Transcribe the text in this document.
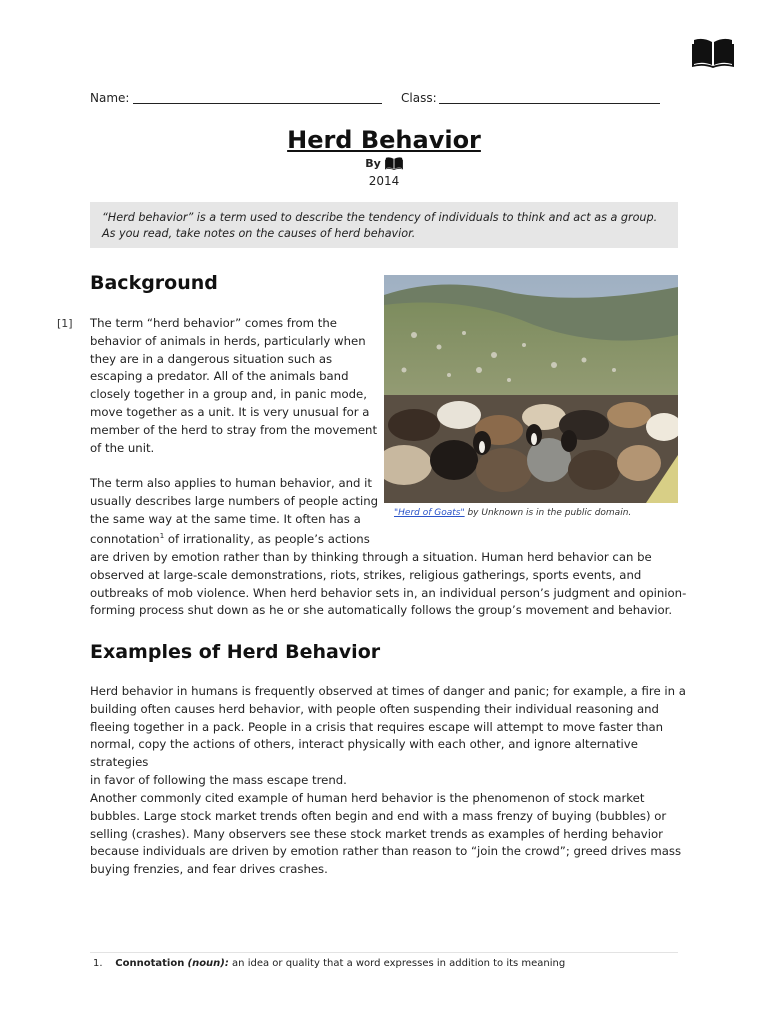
Name:	Class:
Herd Behavior
By
2014
“Herd behavior” is a term used to describe the tendency of individuals to think and act as a group. As you read, take notes on the causes of herd behavior.
Background
[1] The term “herd behavior” comes from the
behavior of animals in herds, particularly when
they are in a dangerous situation such as
escaping a predator. All of the animals band
closely together in a group and, in panic mode,
move together as a unit. It is very unusual for a
member of the herd to stray from the movement
of the unit.
The term also applies to human behavior, and it
usually describes large numbers of people acting
the same way at the same time. It often has a
connotation$^1$ of irrationality, as people’s actions
are driven by emotion rather than by thinking through a situation. Human herd behavior can be
observed at large-scale demonstrations, riots, strikes, religious gatherings, sports events, and
outbreaks of mob violence. When herd behavior sets in, an individual person’s judgment and opinion-
forming process shut down as he or she automatically follows the group’s movement and behavior.
"Herd of Goats" by Unknown is in the public domain.
Examples of Herd Behavior
Herd behavior in humans is frequently observed at times of danger and panic; for example, a fire in a
building often causes herd behavior, with people often suspending their individual reasoning and
fleeing together in a pack. People in a crisis that requires escape will attempt to move faster than
normal, copy the actions of others, interact physically with each other, and ignore alternative strategies
in favor of following the mass escape trend.
Another commonly cited example of human herd behavior is the phenomenon of stock market
bubbles. Large stock market trends often begin and end with a mass frenzy of buying (bubbles) or
selling (crashes). Many observers see these stock market trends as examples of herding behavior
because individuals are driven by emotion rather than reason to “join the crowd”; greed drives mass
buying frenzies, and fear drives crashes.
1. Connotation (noun): an idea or quality that a word expresses in addition to its meaning
